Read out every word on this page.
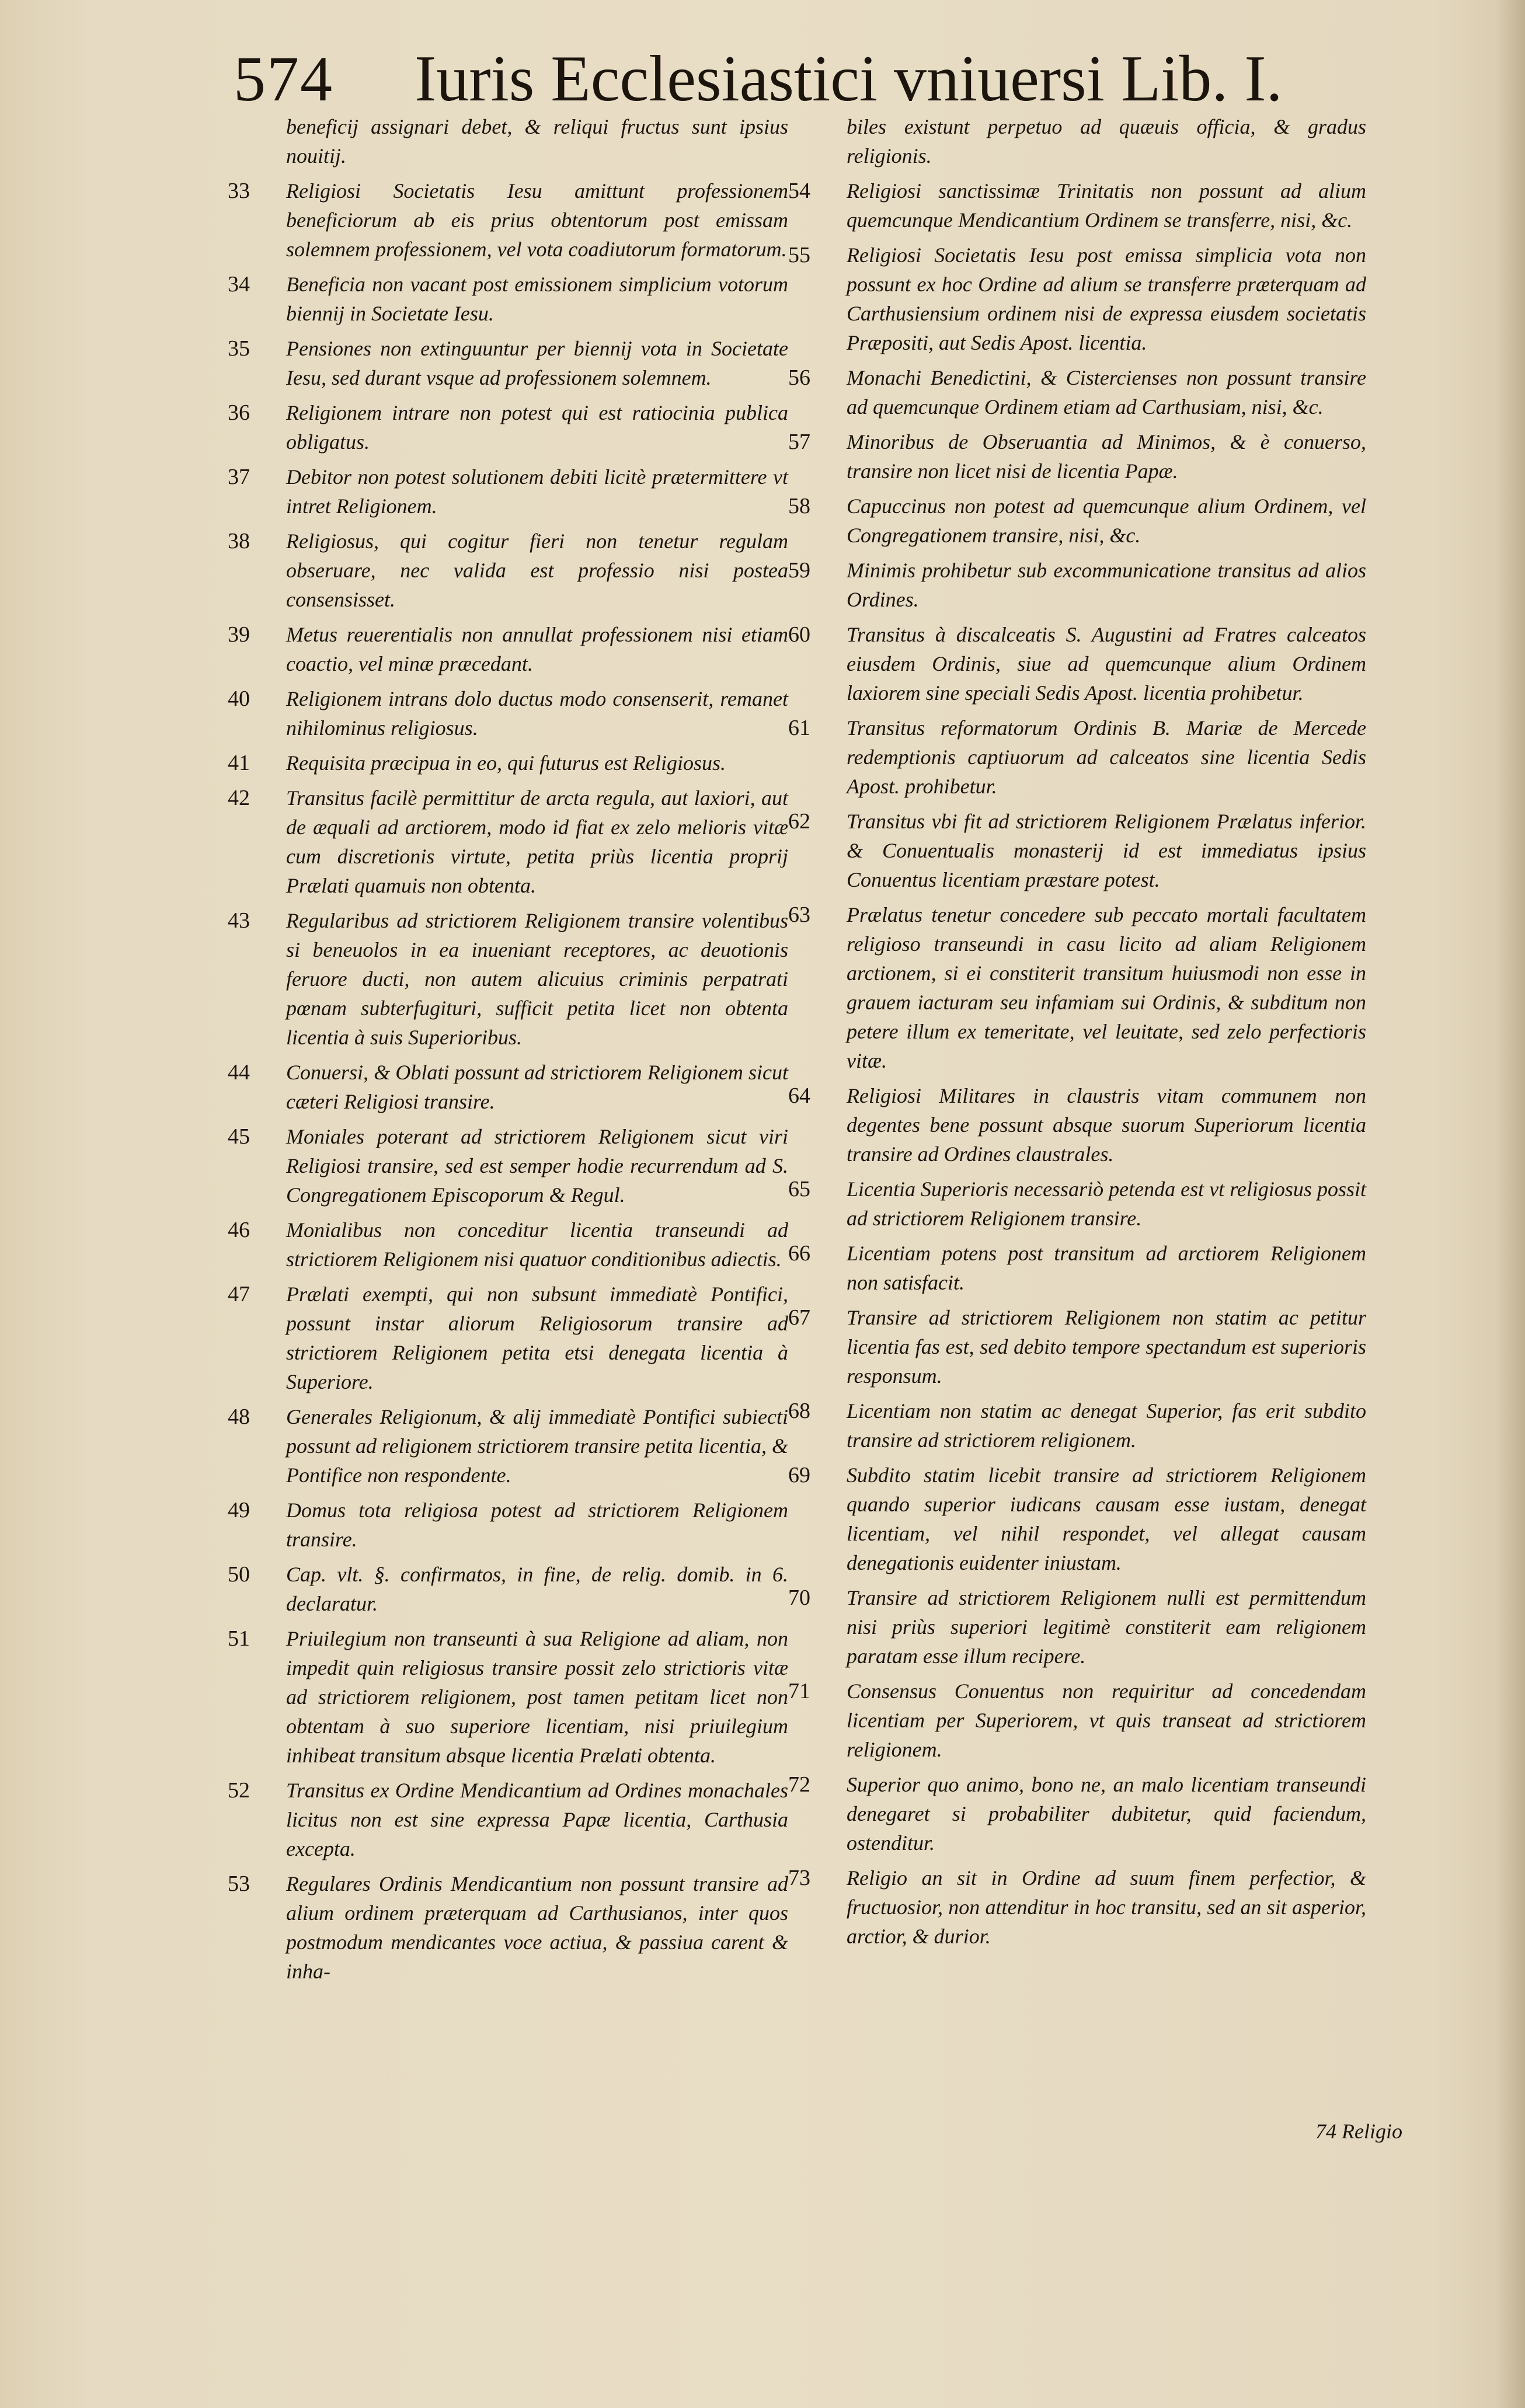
574 Iuris Ecclesiastici vniuersi Lib. I.
beneficij assignari debet, & reliqui fructus sunt ipsius nouitij.
33	Religiosi Societatis Iesu amittunt professionem beneficiorum ab eis prius obtentorum post emissam solemnem professionem, vel vota coadiutorum formatorum.
34	Beneficia non vacant post emissionem simplicium votorum biennij in Societate Iesu.
35	Pensiones non extinguuntur per biennij vota in Societate Iesu, sed durant vsque ad professionem solemnem.
36	Religionem intrare non potest qui est ratiocinia publica obligatus.
37	Debitor non potest solutionem debiti licitè prætermittere vt intret Religionem.
38	Religiosus, qui cogitur fieri non tenetur regulam obseruare, nec valida est professio nisi postea consensisset.
39	Metus reuerentialis non annullat professionem nisi etiam coactio, vel minæ præcedant.
40	Religionem intrans dolo ductus modo consenserit, remanet nihilominus religiosus.
41	Requisita præcipua in eo, qui futurus est Religiosus.
42	Transitus facilè permittitur de arcta regula, aut laxiori, aut de æquali ad arctiorem, modo id fiat ex zelo melioris vitæ cum discretionis virtute, petita priùs licentia proprij Prælati quamuis non obtenta.
43	Regularibus ad strictiorem Religionem transire volentibus si beneuolos in ea inueniant receptores, ac deuotionis feruore ducti, non autem alicuius criminis perpatrati pœnam subterfugituri, sufficit petita licet non obtenta licentia à suis Superioribus.
44	Conuersi, & Oblati possunt ad strictiorem Religionem sicut cæteri Religiosi transire.
45	Moniales poterant ad strictiorem Religionem sicut viri Religiosi transire, sed est semper hodie recurrendum ad S. Congregationem Episcoporum & Regul.
46	Monialibus non conceditur licentia transeundi ad strictiorem Religionem nisi quatuor conditionibus adiectis.
47	Prælati exempti, qui non subsunt immediatè Pontifici, possunt instar aliorum Religiosorum transire ad strictiorem Religionem petita etsi denegata licentia à Superiore.
48	Generales Religionum, & alij immediatè Pontifici subiecti possunt ad religionem strictiorem transire petita licentia, & Pontifice non respondente.
49	Domus tota religiosa potest ad strictiorem Religionem transire.
50	Cap. vlt. §. confirmatos, in fine, de relig. domib. in 6. declaratur.
51	Priuilegium non transeunti à sua Religione ad aliam, non impedit quin religiosus transire possit zelo strictioris vitæ ad strictiorem religionem, post tamen petitam licet non obtentam à suo superiore licentiam, nisi priuilegium inhibeat transitum absque licentia Prælati obtenta.
52	Transitus ex Ordine Mendicantium ad Ordines monachales licitus non est sine expressa Papæ licentia, Carthusia excepta.
53	Regulares Ordinis Mendicantium non possunt transire ad alium ordinem præterquam ad Carthusianos, inter quos postmodum mendicantes voce actiua, & passiua carent & inha-
biles existunt perpetuo ad quæuis officia, & gradus religionis.
54	Religiosi sanctissimæ Trinitatis non possunt ad alium quemcunque Mendicantium Ordinem se transferre, nisi, &c.
55	Religiosi Societatis Iesu post emissa simplicia vota non possunt ex hoc Ordine ad alium se transferre præterquam ad Carthusiensium ordinem nisi de expressa eiusdem societatis Præpositi, aut Sedis Apost. licentia.
56	Monachi Benedictini, & Cistercienses non possunt transire ad quemcunque Ordinem etiam ad Carthusiam, nisi, &c.
57	Minoribus de Obseruantia ad Minimos, & è conuerso, transire non licet nisi de licentia Papæ.
58	Capuccinus non potest ad quemcunque alium Ordinem, vel Congregationem transire, nisi, &c.
59	Minimis prohibetur sub excommunicatione transitus ad alios Ordines.
60	Transitus à discalceatis S. Augustini ad Fratres calceatos eiusdem Ordinis, siue ad quemcunque alium Ordinem laxiorem sine speciali Sedis Apost. licentia prohibetur.
61	Transitus reformatorum Ordinis B. Mariæ de Mercede redemptionis captiuorum ad calceatos sine licentia Sedis Apost. prohibetur.
62	Transitus vbi fit ad strictiorem Religionem Prælatus inferior. & Conuentualis monasterij id est immediatus ipsius Conuentus licentiam præstare potest.
63	Prælatus tenetur concedere sub peccato mortali facultatem religioso transeundi in casu licito ad aliam Religionem arctionem, si ei constiterit transitum huiusmodi non esse in grauem iacturam seu infamiam sui Ordinis, & subditum non petere illum ex temeritate, vel leuitate, sed zelo perfectioris vitæ.
64	Religiosi Militares in claustris vitam communem non degentes bene possunt absque suorum Superiorum licentia transire ad Ordines claustrales.
65	Licentia Superioris necessariò petenda est vt religiosus possit ad strictiorem Religionem transire.
66	Licentiam potens post transitum ad arctiorem Religionem non satisfacit.
67	Transire ad strictiorem Religionem non statim ac petitur licentia fas est, sed debito tempore spectandum est superioris responsum.
68	Licentiam non statim ac denegat Superior, fas erit subdito transire ad strictiorem religionem.
69	Subdito statim licebit transire ad strictiorem Religionem quando superior iudicans causam esse iustam, denegat licentiam, vel nihil respondet, vel allegat causam denegationis euidenter iniustam.
70	Transire ad strictiorem Religionem nulli est permittendum nisi priùs superiori legitimè constiterit eam religionem paratam esse illum recipere.
71	Consensus Conuentus non requiritur ad concedendam licentiam per Superiorem, vt quis transeat ad strictiorem religionem.
72	Superior quo animo, bono ne, an malo licentiam transeundi denegaret si probabiliter dubitetur, quid faciendum, ostenditur.
73	Religio an sit in Ordine ad suum finem perfectior, & fructuosior, non attenditur in hoc transitu, sed an sit asperior, arctior, & durior.
74 Religio
